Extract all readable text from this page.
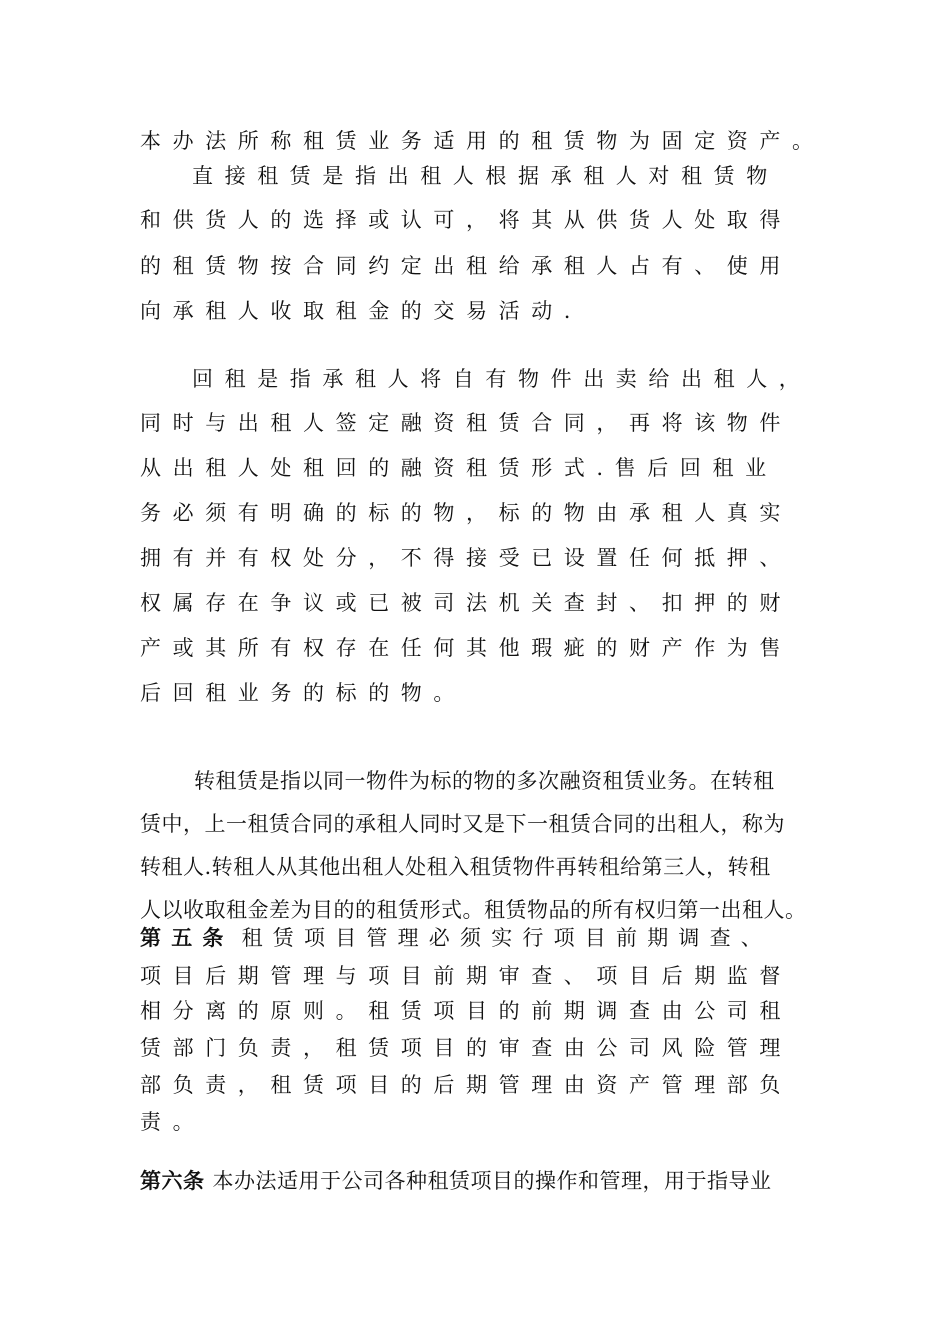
本办法所称租赁业务适用的租赁物为固定资产。
直接租赁是指出租人根据承租人对租赁物
和供货人的选择或认可，将其从供货人处取得
的租赁物按合同约定出租给承租人占有、使用
向承租人收取租金的交易活动.
回租是指承租人将自有物件出卖给出租人，
同时与出租人签定融资租赁合同，再将该物件
从出租人处租回的融资租赁形式.售后回租业
务必须有明确的标的物，标的物由承租人真实
拥有并有权处分，不得接受已设置任何抵押、
权属存在争议或已被司法机关查封、扣押的财
产或其所有权存在任何其他瑕疵的财产作为售
后回租业务的标的物。
转租赁是指以同一物件为标的物的多次融资租赁业务。在转租
赁中，上一租赁合同的承租人同时又是下一租赁合同的出租人，称为
转租人.转租人从其他出租人处租入租赁物件再转租给第三人，转租
人以收取租金差为目的的租赁形式。租赁物品的所有权归第一出租人。
第五条 租赁项目管理必须实行项目前期调查、
项目后期管理与项目前期审查、项目后期监督
相分离的原则。租赁项目的前期调查由公司租
赁部门负责，租赁项目的审查由公司风险管理
部负责，租赁项目的后期管理由资产管理部负
责。
第六条 本办法适用于公司各种租赁项目的操作和管理，用于指导业
